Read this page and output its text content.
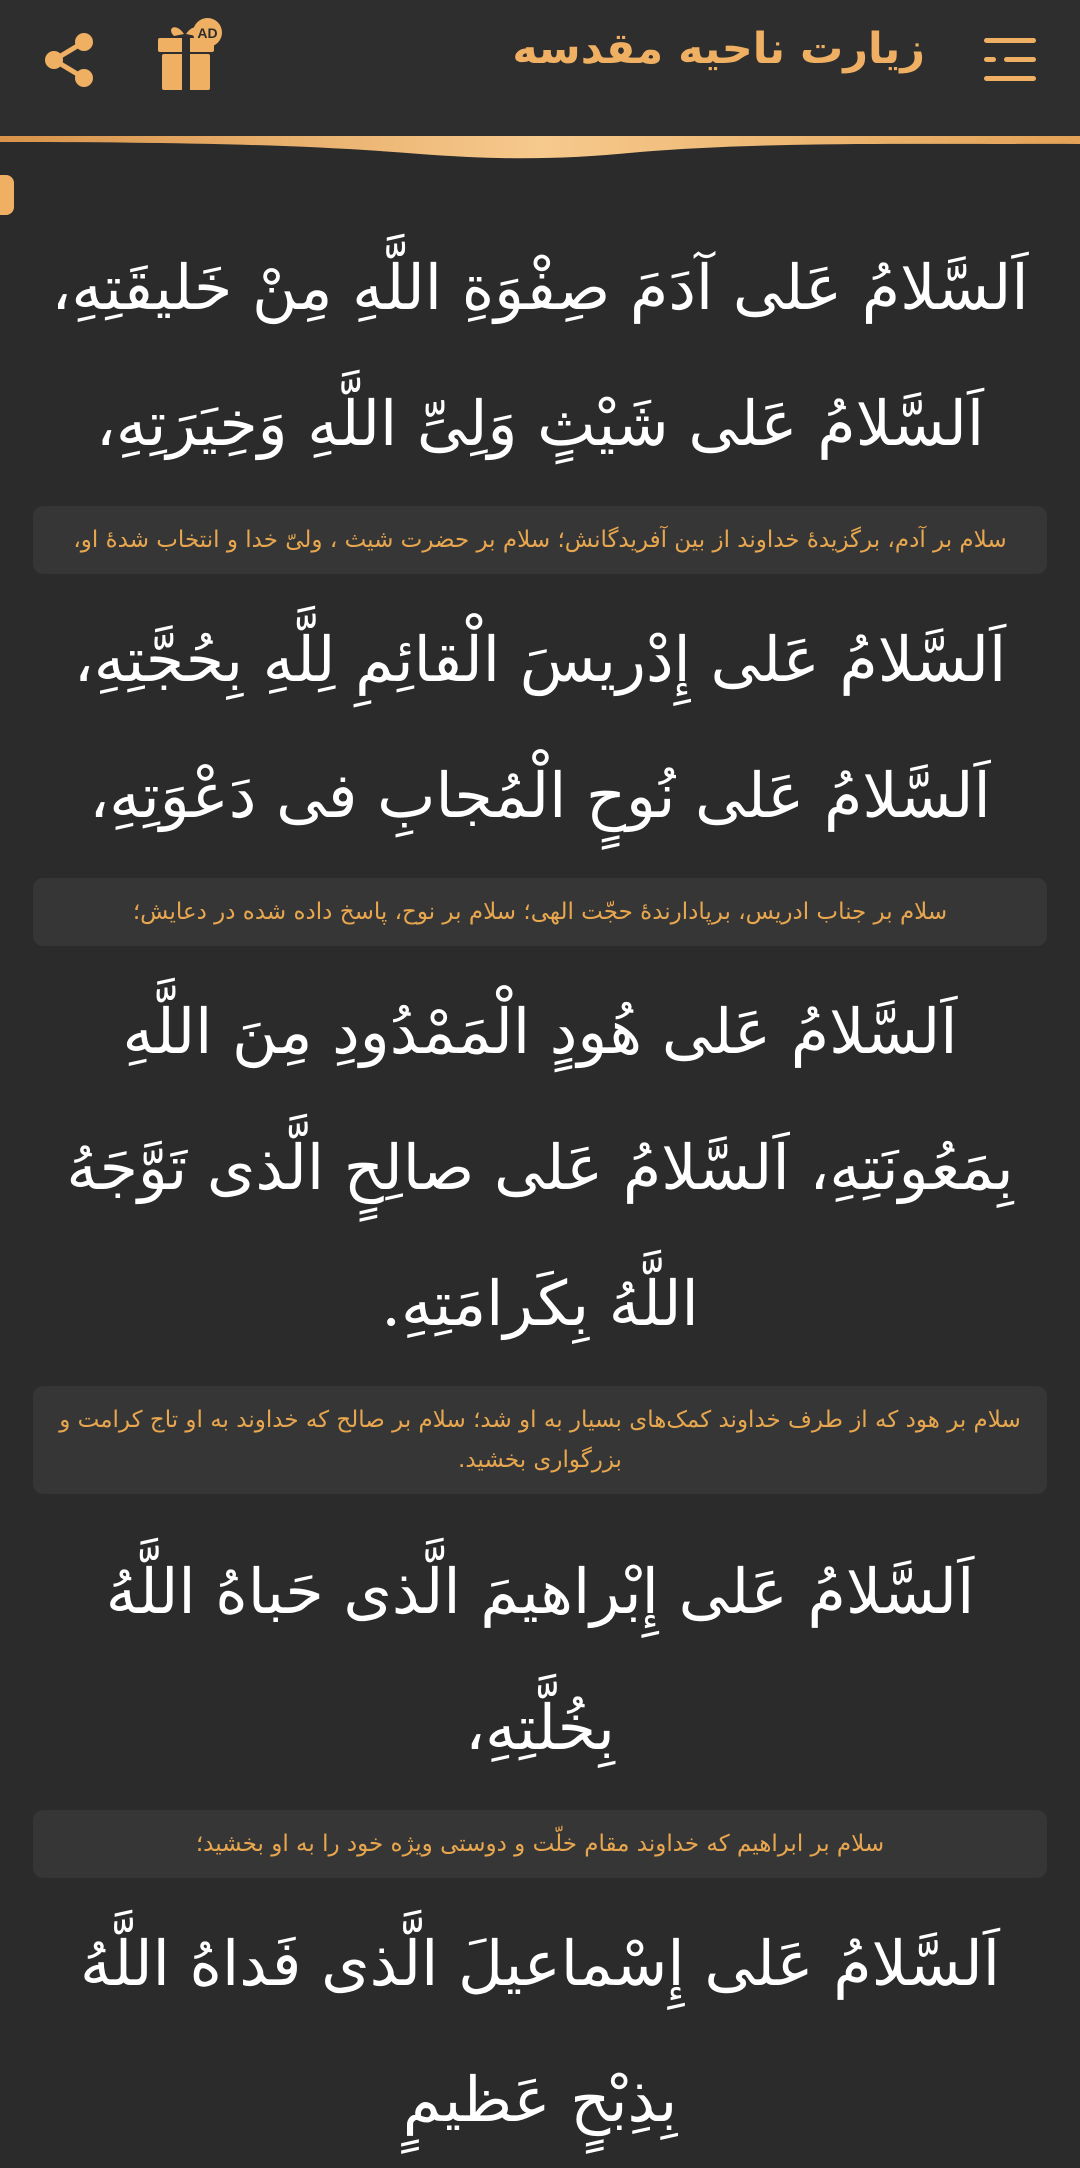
زیارت ناحیه مقدسه
AD

اَلسَّلامُ عَلی آدَمَ صِفْوَةِ اللَّهِ مِنْ خَلیقَتِهِ، اَلسَّلامُ عَلی شَیْثٍ وَلِیِّ اللَّهِ وَخِیَرَتِهِ،

سلام بر آدم، برگزیدهٔ خداوند از بین آفریدگانش؛ سلام بر حضرت شیث ، ولیّ خدا و انتخاب شدهٔ او،

اَلسَّلامُ عَلی إِدْریسَ الْقائِمِ لِلَّهِ بِحُجَّتِهِ، اَلسَّلامُ عَلی نُوحٍ الْمُجابِ فی دَعْوَتِهِ،

سلام بر جناب ادریس، برپادارندهٔ حجّت الهی؛ سلام بر نوح، پاسخ داده شده در دعایش؛

اَلسَّلامُ عَلی هُودٍ الْمَمْدُودِ مِنَ اللَّهِ بِمَعُونَتِهِ، اَلسَّلامُ عَلی صالِحٍ الَّذی تَوَّجَهُ اللَّهُ بِكَرامَتِهِ.

سلام بر هود که از طرف خداوند کمک‌های بسیار به او شد؛ سلام بر صالح که خداوند به او تاج کرامت و بزرگواری بخشید.

اَلسَّلامُ عَلی إِبْراهیمَ الَّذی حَباهُ اللَّهُ بِخُلَّتِهِ،

سلام بر ابراهیم که خداوند مقام خلّت و دوستی ویژه خود را به او بخشید؛

اَلسَّلامُ عَلی إِسْماعیلَ الَّذی فَداهُ اللَّهُ بِذِبْحٍ عَظیمٍ
